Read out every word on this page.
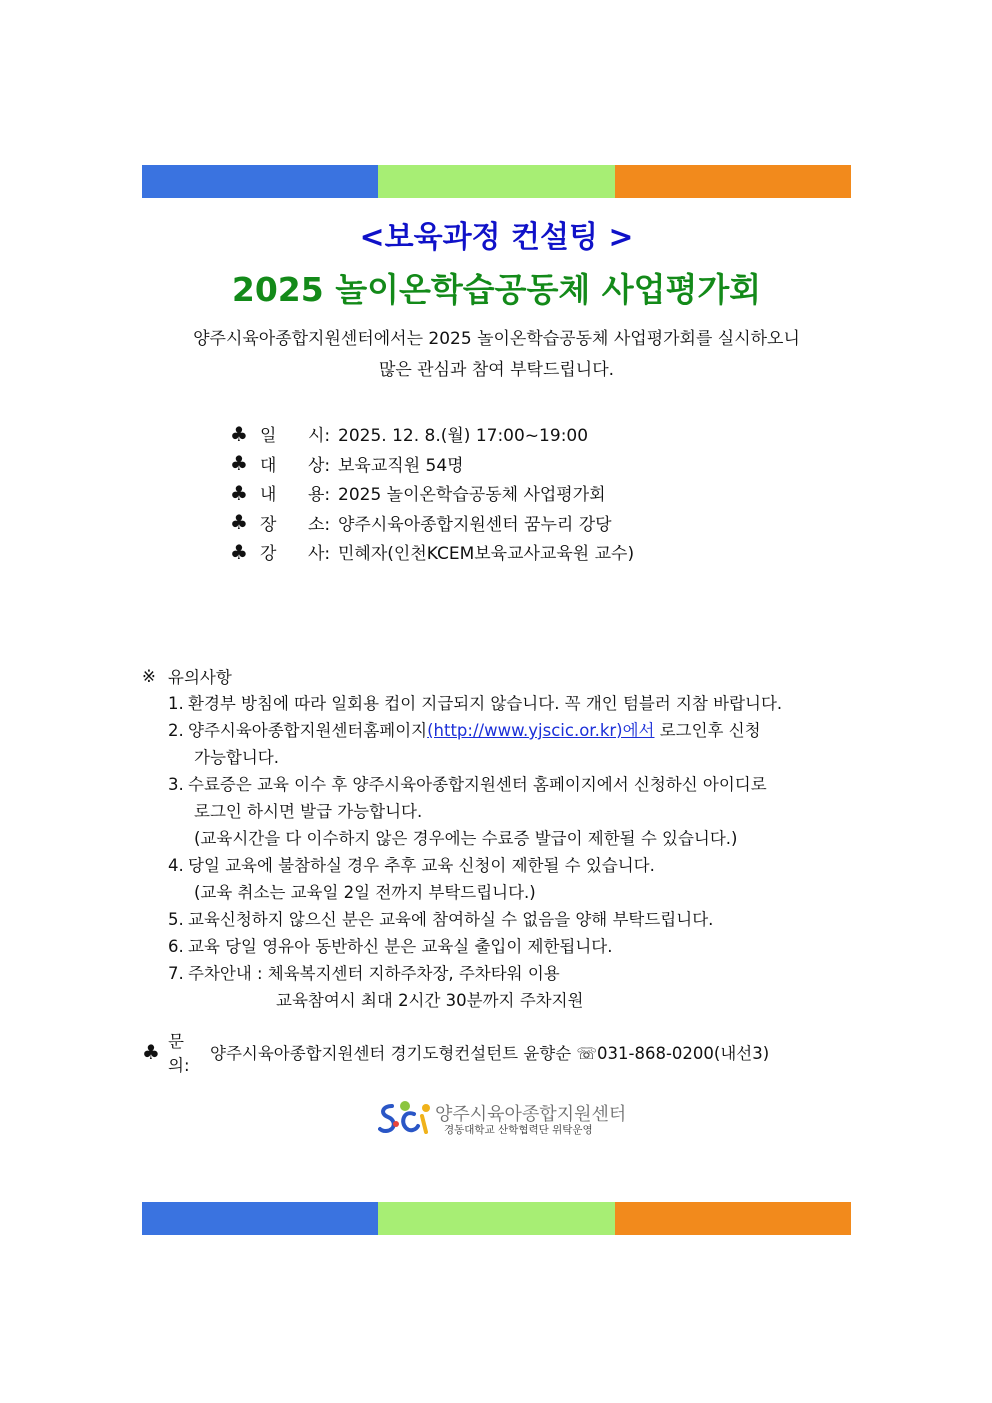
<보육과정 컨설팅 >
2025 놀이온학습공동체 사업평가회

양주시육아종합지원센터에서는 2025 놀이온학습공동체 사업평가회를 실시하오니

많은 관심과 참여 부탁드립니다.

♣ 일	시: 2025. 12. 8.(월) 17:00~19:00
♣ 대	상: 보육교직원 54명
♣ 내	용: 2025 놀이온학습공동체 사업평가회
♣ 장	소: 양주시육아종합지원센터 꿈누리 강당
♣ 강	사: 민혜자(인천KCEM보육교사교육원 교수)
※ 유의사항
1. 환경부 방침에 따라 일회용 컵이 지급되지 않습니다. 꼭 개인 텀블러 지참 바랍니다.
2. 양주시육아종합지원센터홈페이지(http://www.yjscic.or.kr)에서 로그인후 신청
가능합니다.
3. 수료증은 교육 이수 후 양주시육아종합지원센터 홈페이지에서 신청하신 아이디로
로그인 하시면 발급 가능합니다.
(교육시간을 다 이수하지 않은 경우에는 수료증 발급이 제한될 수 있습니다.)
4. 당일 교육에 불참하실 경우 추후 교육 신청이 제한될 수 있습니다.
(교육 취소는 교육일 2일 전까지 부탁드립니다.)
5. 교육신청하지 않으신 분은 교육에 참여하실 수 없음을 양해 부탁드립니다.
6. 교육 당일 영유아 동반하신 분은 교육실 출입이 제한됩니다.
7. 주차안내 : 체육복지센터 지하주차장, 주차타워 이용
교육참여시 최대 2시간 30분까지 주차지원
♣ 문 의:
양주시육아종합지원센터 경기도형컨설턴트 윤향순 ☏031-868-0200(내선3)
양주시육아종합지원센터
경동대학교 산학협력단 위탁운영
